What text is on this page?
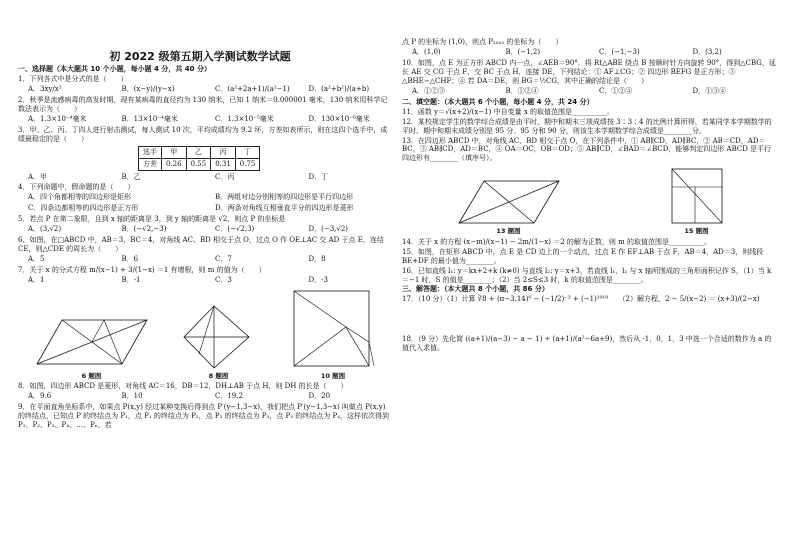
初 2022 级第五期入学测试数学试题
一、选择题（本大题共 10 个小题，每小题 4 分，共 40 分）
1．下列各式中是分式的是（　　）
A．3xy/x²	B．(x−y)/(y−x)	C．(a²+2a+1)/(a²−1)	D．(a²+b²)/(a+b)
2．秋季是流感病毒的高发时期，现有某病毒的直径约为 130 纳米，已知 1 纳米＝0.000001 毫米，130 纳米用科学记数法表示为（　　）
A．1.3×10⁻⁴毫米	B．13×10⁻⁴毫米	C．1.3×10⁻⁵毫米	D．130×10⁻⁶毫米
3．甲、乙、丙、丁四人进行射击测试，每人测试 10 次，平均成绩均为 9.2 环，方差如表所示，则在这四个选手中，成绩最稳定的是（　　）
选手	甲	乙	丙	丁
方差	0.26	0.55	0.31	0.75
A．甲	B．乙	C．丙	D．丁
4．下列命题中，假命题的是（　　）
A．四个角都相等的四边形是矩形	B．两组对边分别相等的四边形是平行四边形
C．四条边都相等的四边形是正方形	D．两条对角线互相垂直平分的四边形是菱形
5．若点 P 在第二象限，且到 x 轴的距离是 3，到 y 轴的距离是 √2，则点 P 的坐标是
A．(3,√2)	B．(−√2,−3)	C．(−√2,3)	D．(−3,√2)
6．如图，在□ABCD 中，AB＝3，BC＝4，对角线 AC、BD 相交于点 O，过点 O 作 OE⊥AC 交 AD 于点 E，连结 CE，则△CDE 的周长为（　　）
A．5	B．6	C．7	D．8
7．关于 x 的分式方程 m/(x−1) + 3/(1−x) ＝1 有增根，则 m 的值为（　　）
A．1	B．-1	C．3	D．-3
6 题图	8 题图	10 题图
8．如图，四边形 ABCD 是菱形，对角线 AC＝16，DB＝12，DH⊥AB 于点 H，则 DH 的长是（　　）
A．9.6	B．10	C．19.2	D．20
9．在平面直角坐标系中，如果点 P(x,y) 经过某种变换后得到点 P′(y−1,3−x)，我们把点 P′(y−1,3−x) 叫做点 P(x,y) 的终结点，已知点 P 的终结点为 P₁，点 P₁ 的终结点为 P₂，点 P₂ 的终结点为 P₃，点 P₃ 的终结点为 P₄，这样依次得到 P₁、P₂、P₃、P₄、…、Pₙ，若
点 P 的坐标为 (1,0)，则点 P₂₀₂₂ 的坐标为（　　）
A．(1,0)	B．(−1,2)	C．(−1,−3)	D．(3,2)
10．如图，点 E 为正方形 ABCD 内一点，∠AEB＝90°，将 Rt△ABE 绕点 B 按顺时针方向旋转 90°，得到△CBG，延长 AE 交 CG 于点 F，交 BC 于点 H，连接 DE，下列结论：① AF⊥CG；② 四边形 BEFG 是正方形；③ △BHE∽△CHF；④ 若 DA＝DE，则 BG＝½CG，其中正确的结论是（　　）
A．①②③	B．①②④	C．①②④	D．①③④
二、填空题：（本大题共 6 个小题，每小题 4 分，共 24 分）
11．函数 y＝√(x+2)/(x−1) 中自变量 x 的取值范围是__________。
12．某校规定学生的数学综合成绩是由平时、期中和期末三项成绩按 3∶3∶4 的比例计算所得，若某同学本学期数学的平时、期中和期末成绩分别是 95 分、95 分和 90 分，则该生本学期数学综合成绩是________分。
13．在四边形 ABCD 中，对角线 AC、BD 相交于点 O，在下列条件中，① AB∥CD，AD∥BC，② AB＝CD，AD＝BC，③ AB∥CD，AD＝BC，④ OA＝OC，OB＝OD；⑤ AB∥CD，∠BAD＝∠BCD，能够判定四边形 ABCD 是平行四边形有________（填序号）。
13 题图	15 题图
14．关于 x 的方程 (x−m)/(x−1) − 2m/(1−x) ＝2 的解为正数，则 m 的取值范围是__________。
15．如图，在矩形 ABCD 中，点 E 是 CD 边上的一个动点，过点 E 作 EF⊥AB 于点 F，AB＝4，AD＝3，则线段 BE+DF 的最小值为________。
16．已知直线 l₁: y＝kx+2+k (k≠0) 与直线 l₂: y＝x+3，若直线 l₁，l₂ 与 x 轴所围成的三角形面积记作 S，（1）当 k＝−1 时，S 的值是________；（2）当 2≤S≤3 时，k 的取值范围是________。
三、解答题：（本大题共 8 个小题，共 86 分）
17．（10 分）（1）计算 ∛8 + (π−3.14)⁰ − (−1/2)⁻³ + (−1)²⁰¹⁹　　（2）解方程，2 − 5/(x−2) ＝ (x+3)/(2−x)
18．（9 分）先化简 ((a+1)/(a−3) − a − 1) ÷ (a+1)/(a²−6a+9)，然后从 -1，0，1，3 中选一个合适的数作为 a 的值代入求值。
